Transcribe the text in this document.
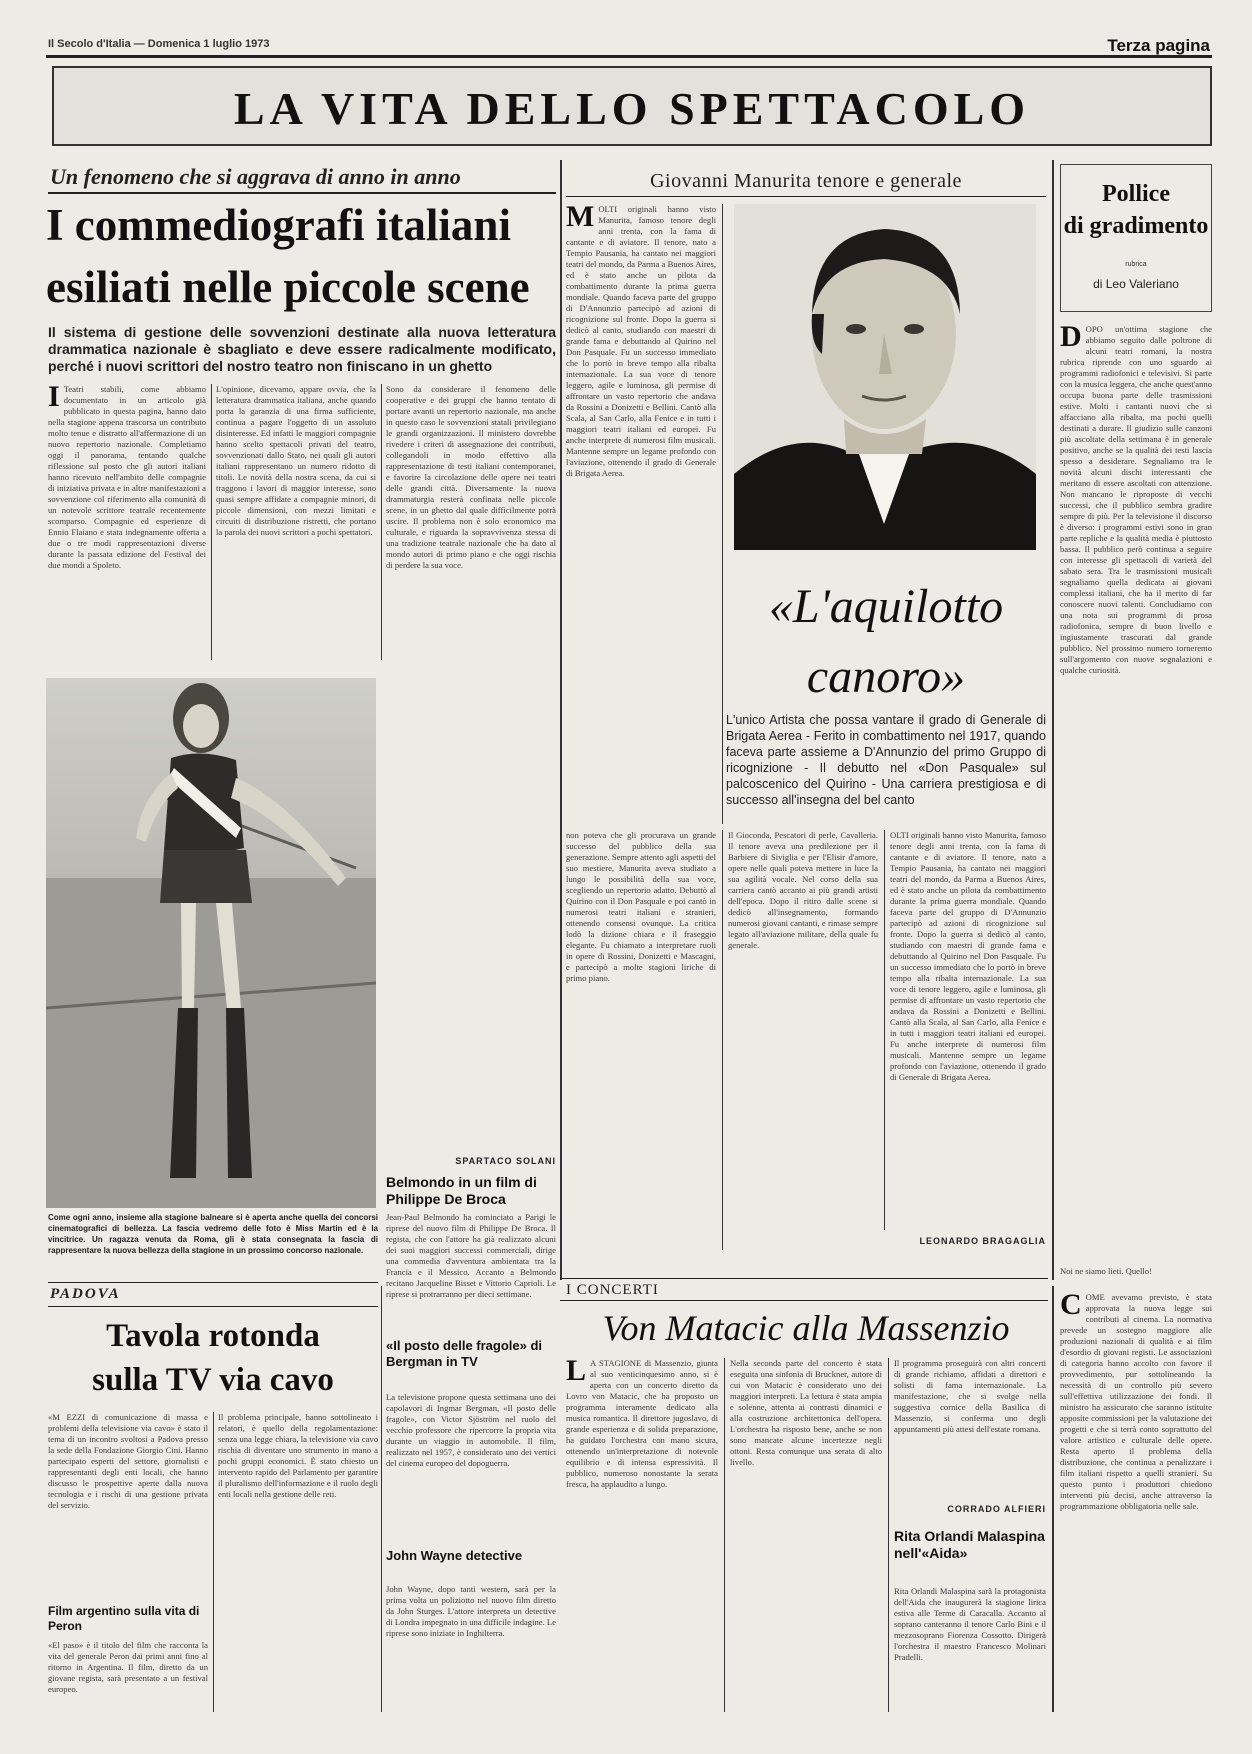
Il Secolo d'Italia — Domenica 1 luglio 1973	Terza pagina
LA VITA DELLO SPETTACOLO
Un fenomeno che si aggrava di anno in anno
I commediografi italiani
esiliati nelle piccole scene
Il sistema di gestione delle sovvenzioni destinate alla nuova letteratura drammatica nazionale è sbagliato e deve essere radicalmente modificato, perché i nuovi scrittori del nostro teatro non finiscano in un ghetto
I Teatri stabili, come abbiamo documentato in un articolo già pubblicato in questa pagina, hanno dato nella stagione appena trascorsa un contributo molto tenue e distratto all'affermazione di un nuovo repertorio nazionale. Completiamo oggi il panorama, tentando qualche riflessione sul posto che gli autori italiani hanno ricevuto nell'ambito delle compagnie di iniziativa privata e in altre manifestazioni a sovvenzione col riferimento alla comunità di un notevole scrittore teatrale recentemente scomparso. Compagnie ed esperienze di Ennio Flaiano e stata indegnamente offerta a due o tre modi rappresentazioni diverse durante la passata edizione del Festival dei due mondi a Spoleto.
L'opinione, dicevamo, appare ovvia, che la letteratura drammatica italiana, anche quando porta la garanzia di una firma sufficiente, continua a pagare l'oggetto di un assoluto disinteresse. Ed infatti le maggiori compagnie hanno scelto spettacoli privati del teatro, sovvenzionati dallo Stato, nei quali gli autori italiani rappresentano un numero ridotto di titoli. Le novità della nostra scena, da cui si traggono i lavori di maggior interesse, sono quasi sempre affidate a compagnie minori, di piccole dimensioni, con mezzi limitati e circuiti di distribuzione ristretti, che portano la parola dei nuovi scrittori a pochi spettatori.
Sono da considerare il fenomeno delle cooperative e dei gruppi che hanno tentato di portare avanti un repertorio nazionale, ma anche in questo caso le sovvenzioni statali privilegiano le grandi organizzazioni. Il ministero dovrebbe rivedere i criteri di assegnazione dei contributi, collegandoli in modo effettivo alla rappresentazione di testi italiani contemporanei, e favorire la circolazione delle opere nei teatri delle grandi città. Diversamente la nuova drammaturgia resterà confinata nelle piccole scene, in un ghetto dal quale difficilmente potrà uscire. Il problema non è solo economico ma culturale, e riguarda la sopravvivenza stessa di una tradizione teatrale nazionale che ha dato al mondo autori di primo piano e che oggi rischia di perdere la sua voce.
SPARTACO SOLANI
Come ogni anno, insieme alla stagione balneare si è aperta anche quella dei concorsi cinematografici di bellezza. La fascia vedremo delle foto è Miss Martin ed è la vincitrice. Un ragazza venuta da Roma, gli è stata consegnata la fascia di rappresentare la nuova bellezza della stagione in un prossimo concorso nazionale.
Belmondo in un film di Philippe De Broca
Jean-Paul Belmondo ha cominciato a Parigi le riprese del nuovo film di Philippe De Broca. Il regista, che con l'attore ha già realizzato alcuni dei suoi maggiori successi commerciali, dirige una commedia d'avventura ambientata tra la Francia e il Messico. Accanto a Belmondo recitano Jacqueline Bisset e Vittorio Caprioli. Le riprese si protrarranno per dieci settimane.
PADOVA
Tavola rotonda
sulla TV via cavo
«M EZZI di comunicazione di massa e problemi della televisione via cavo» è stato il tema di un incontro svoltosi a Padova presso la sede della Fondazione Giorgio Cini. Hanno partecipato esperti del settore, giornalisti e rappresentanti degli enti locali, che hanno discusso le prospettive aperte dalla nuova tecnologia e i rischi di una gestione privata del servizio.
Il problema principale, hanno sottolineato i relatori, è quello della regolamentazione: senza una legge chiara, la televisione via cavo rischia di diventare uno strumento in mano a pochi gruppi economici. È stato chiesto un intervento rapido del Parlamento per garantire il pluralismo dell'informazione e il ruolo degli enti locali nella gestione delle reti.
Film argentino sulla vita di Peron
«El paso» è il titolo del film che racconta la vita del generale Peron dai primi anni fino al ritorno in Argentina. Il film, diretto da un giovane regista, sarà presentato a un festival europeo.
«Il posto delle fragole» di Bergman in TV
La televisione propone questa settimana uno dei capolavori di Ingmar Bergman, «Il posto delle fragole», con Victor Sjöström nel ruolo del vecchio professore che ripercorre la propria vita durante un viaggio in automobile. Il film, realizzato nel 1957, è considerato uno dei vertici del cinema europeo del dopoguerra.
John Wayne detective
John Wayne, dopo tanti western, sarà per la prima volta un poliziotto nel nuovo film diretto da John Sturges. L'attore interpreta un detective di Londra impegnato in una difficile indagine. Le riprese sono iniziate in Inghilterra.
Giovanni Manurita tenore e generale
M OLTI originali hanno visto Manurita, famoso tenore degli anni trenta, con la fama di cantante e di aviatore. Il tenore, nato a Tempio Pausania, ha cantato nei maggiori teatri del mondo, da Parma a Buenos Aires, ed è stato anche un pilota da combattimento durante la prima guerra mondiale. Quando faceva parte del gruppo di D'Annunzio partecipò ad azioni di ricognizione sul fronte. Dopo la guerra si dedicò al canto, studiando con maestri di grande fama e debuttando al Quirino nel Don Pasquale. Fu un successo immediato che lo portò in breve tempo alla ribalta internazionale. La sua voce di tenore leggero, agile e luminosa, gli permise di affrontare un vasto repertorio che andava da Rossini a Donizetti e Bellini. Cantò alla Scala, al San Carlo, alla Fenice e in tutti i maggiori teatri italiani ed europei. Fu anche interprete di numerosi film musicali. Mantenne sempre un legame profondo con l'aviazione, ottenendo il grado di Generale di Brigata Aerea.
«L'aquilotto canoro»
L'unico Artista che possa vantare il grado di Generale di Brigata Aerea - Ferito in combattimento nel 1917, quando faceva parte assieme a D'Annunzio del primo Gruppo di ricognizione - Il debutto nel «Don Pasquale» sul palcoscenico del Quirino - Una carriera prestigiosa e di successo all'insegna del bel canto
non poteva che gli procurava un grande successo del pubblico della sua generazione. Sempre attento agli aspetti del suo mestiere, Manurita aveva studiato a lungo le possibilità della sua voce, scegliendo un repertorio adatto. Debuttò al Quirino con il Don Pasquale e poi cantò in numerosi teatri italiani e stranieri, ottenendo consensi ovunque. La critica lodò la dizione chiara e il fraseggio elegante. Fu chiamato a interpretare ruoli in opere di Rossini, Donizetti e Mascagni, e partecipò a molte stagioni liriche di primo piano.
Il Gioconda, Pescatori di perle, Cavalleria. Il tenore aveva una predilezione per il Barbiere di Siviglia e per l'Elisir d'amore, opere nelle quali poteva mettere in luce la sua agilità vocale. Nel corso della sua carriera cantò accanto ai più grandi artisti dell'epoca. Dopo il ritiro dalle scene si dedicò all'insegnamento, formando numerosi giovani cantanti, e rimase sempre legato all'aviazione militare, della quale fu generale.
OLTI originali hanno visto Manurita, famoso tenore degli anni trenta, con la fama di cantante e di aviatore. Il tenore, nato a Tempio Pausania, ha cantato nei maggiori teatri del mondo, da Parma a Buenos Aires, ed è stato anche un pilota da combattimento durante la prima guerra mondiale. Quando faceva parte del gruppo di D'Annunzio partecipò ad azioni di ricognizione sul fronte. Dopo la guerra si dedicò al canto, studiando con maestri di grande fama e debuttando al Quirino nel Don Pasquale. Fu un successo immediato che lo portò in breve tempo alla ribalta internazionale. La sua voce di tenore leggero, agile e luminosa, gli permise di affrontare un vasto repertorio che andava da Rossini a Donizetti e Bellini. Cantò alla Scala, al San Carlo, alla Fenice e in tutti i maggiori teatri italiani ed europei. Fu anche interprete di numerosi film musicali. Mantenne sempre un legame profondo con l'aviazione, ottenendo il grado di Generale di Brigata Aerea.
LEONARDO BRAGAGLIA
Pollice
di gradimento
rubrica
di Leo Valeriano
D OPO un'ottima stagione che abbiamo seguito dalle poltrone di alcuni teatri romani, la nostra rubrica riprende con uno sguardo ai programmi radiofonici e televisivi. Si parte con la musica leggera, che anche quest'anno occupa buona parte delle trasmissioni estive. Molti i cantanti nuovi che si affacciano alla ribalta, ma pochi quelli destinati a durare. Il giudizio sulle canzoni più ascoltate della settimana è in generale positivo, anche se la qualità dei testi lascia spesso a desiderare. Segnaliamo tra le novità alcuni dischi interessanti che meritano di essere ascoltati con attenzione. Non mancano le riproposte di vecchi successi, che il pubblico sembra gradire sempre di più. Per la televisione il discorso è diverso: i programmi estivi sono in gran parte repliche e la qualità media è piuttosto bassa. Il pubblico però continua a seguire con interesse gli spettacoli di varietà del sabato sera. Tra le trasmissioni musicali segnaliamo quella dedicata ai giovani complessi italiani, che ha il merito di far conoscere nuovi talenti. Concludiamo con una nota sui programmi di prosa radiofonica, sempre di buon livello e ingiustamente trascurati dal grande pubblico. Nel prossimo numero torneremo sull'argomento con nuove segnalazioni e qualche curiosità.
Noi ne siamo lieti. Quello!
I CONCERTI
Von Matacic alla Massenzio
L A STAGIONE di Massenzio, giunta al suo venticinquesimo anno, si è aperta con un concerto diretto da Lovro von Matacic, che ha proposto un programma interamente dedicato alla musica romantica. Il direttore jugoslavo, di grande esperienza e di solida preparazione, ha guidato l'orchestra con mano sicura, ottenendo un'interpretazione di notevole equilibrio e di intensa espressività. Il pubblico, numeroso nonostante la serata fresca, ha applaudito a lungo.
Nella seconda parte del concerto è stata eseguita una sinfonia di Bruckner, autore di cui von Matacic è considerato uno dei maggiori interpreti. La lettura è stata ampia e solenne, attenta ai contrasti dinamici e alla costruzione architettonica dell'opera. L'orchestra ha risposto bene, anche se non sono mancate alcune incertezze negli ottoni. Resta comunque una serata di alto livello.
Il programma proseguirà con altri concerti di grande richiamo, affidati a direttori e solisti di fama internazionale. La manifestazione, che si svolge nella suggestiva cornice della Basilica di Massenzio, si conferma uno degli appuntamenti più attesi dell'estate romana.
CORRADO ALFIERI
Rita Orlandi Malaspina nell'«Aida»
Rita Orlandi Malaspina sarà la protagonista dell'Aida che inaugurerà la stagione lirica estiva alle Terme di Caracalla. Accanto al soprano canteranno il tenore Carlo Bini e il mezzosoprano Fiorenza Cossotto. Dirigerà l'orchestra il maestro Francesco Molinari Pradelli.
C OME avevamo previsto, è stata approvata la nuova legge sui contributi al cinema. La normativa prevede un sostegno maggiore alle produzioni nazionali di qualità e ai film d'esordio di giovani registi. Le associazioni di categoria hanno accolto con favore il provvedimento, pur sottolineando la necessità di un controllo più severo sull'effettiva utilizzazione dei fondi. Il ministro ha assicurato che saranno istituite apposite commissioni per la valutazione dei progetti e che si terrà conto soprattutto del valore artistico e culturale delle opere. Resta aperto il problema della distribuzione, che continua a penalizzare i film italiani rispetto a quelli stranieri. Su questo punto i produttori chiedono interventi più decisi, anche attraverso la programmazione obbligatoria nelle sale.
